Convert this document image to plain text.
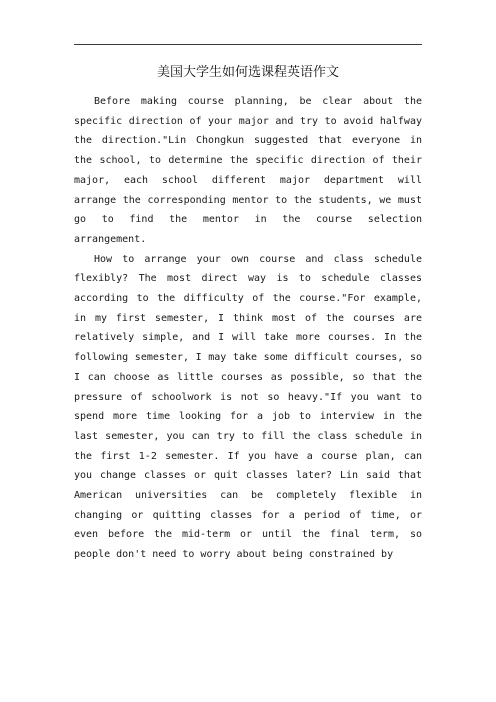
美国大学生如何选课程英语作文

Before making course planning, be clear about the specific direction of your major and try to avoid halfway the direction."Lin Chongkun suggested that everyone in the school, to determine the specific direction of their major, each school different major department will arrange the corresponding mentor to the students, we must go to find the mentor in the course selection arrangement.

How to arrange your own course and class schedule flexibly? The most direct way is to schedule classes according to the difficulty of the course."For example, in my first semester, I think most of the courses are relatively simple, and I will take more courses. In the following semester, I may take some difficult courses, so I can choose as little courses as possible, so that the pressure of schoolwork is not so heavy."If you want to spend more time looking for a job to interview in the last semester, you can try to fill the class schedule in the first 1-2 semester. If you have a course plan, can you change classes or quit classes later? Lin said that American universities can be completely flexible in changing or quitting classes for a period of time, or even before the mid-term or until the final term, so people don't need to worry about being constrained by
